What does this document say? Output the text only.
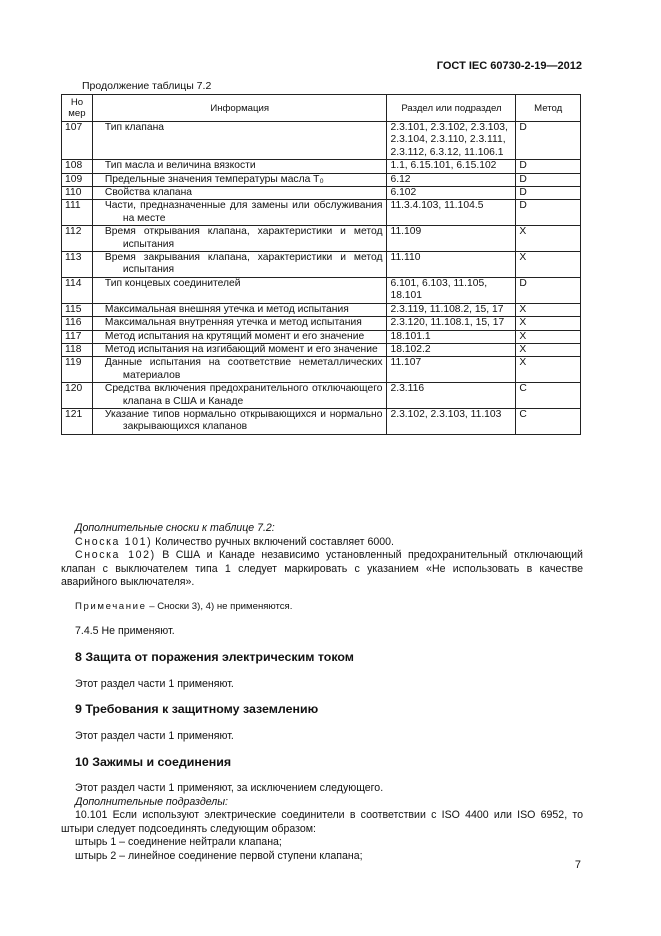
ГОСТ IEC 60730-2-19—2012
Продолжение таблицы 7.2
Но мер	Информация	Раздел или подраздел	Метод
107	Тип клапана	2.3.101, 2.3.102, 2.3.103, 2.3.104, 2.3.110, 2.3.111, 2.3.112, 6.3.12, 11.106.1	D
108	Тип масла и величина вязкости	1.1, 6.15.101, 6.15.102	D
109	Предельные значения температуры масла T₀	6.12	D
110	Свойства клапана	6.102	D
111	Части, предназначенные для замены или обслуживания на месте	11.3.4.103, 11.104.5	D
112	Время открывания клапана, характеристики и метод испытания	11.109	X
113	Время закрывания клапана, характеристики и метод испытания	11.110	X
114	Тип концевых соединителей	6.101, 6.103, 11.105, 18.101	D
115	Максимальная внешняя утечка и метод испытания	2.3.119, 11.108.2, 15, 17	X
116	Максимальная внутренняя утечка и метод испытания	2.3.120, 11.108.1, 15, 17	X
117	Метод испытания на крутящий момент и его значение	18.101.1	X
118	Метод испытания на изгибающий момент и его значение	18.102.2	X
119	Данные испытания на соответствие неметаллических материалов	11.107	X
120	Средства включения предохранительного отключающего клапана в США и Канаде	2.3.116	C
121	Указание типов нормально открывающихся и нормально закрывающихся клапанов	2.3.102, 2.3.103, 11.103	C
Дополнительные сноски к таблице 7.2:
Сноска 101) Количество ручных включений составляет 6000.
Сноска 102) В США и Канаде независимо установленный предохранительный отключающий клапан с выключателем типа 1 следует маркировать с указанием «Не использовать в качестве аварийного выключателя».
Примечание – Сноски 3), 4) не применяются.
7.4.5 Не применяют.
8 Защита от поражения электрическим током
Этот раздел части 1 применяют.
9 Требования к защитному заземлению
Этот раздел части 1 применяют.
10 Зажимы и соединения
Этот раздел части 1 применяют, за исключением следующего.
Дополнительные подразделы:
10.101 Если используют электрические соединители в соответствии с ISO 4400 или ISO 6952, то штыри следует подсоединять следующим образом:
штырь 1 – соединение нейтрали клапана;
штырь 2 – линейное соединение первой ступени клапана;
7
